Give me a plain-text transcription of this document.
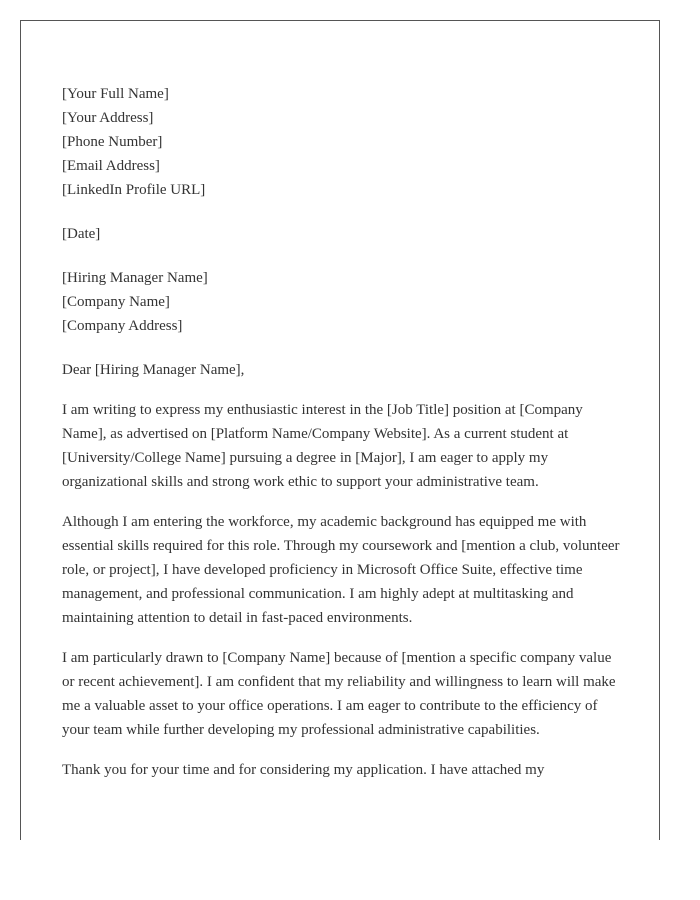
[Your Full Name]
[Your Address]
[Phone Number]
[Email Address]
[LinkedIn Profile URL]
[Date]
[Hiring Manager Name]
[Company Name]
[Company Address]

Dear [Hiring Manager Name],

I am writing to express my enthusiastic interest in the [Job Title] position at [Company Name], as advertised on [Platform Name/Company Website]. As a current student at [University/College Name] pursuing a degree in [Major], I am eager to apply my organizational skills and strong work ethic to support your administrative team.

Although I am entering the workforce, my academic background has equipped me with essential skills required for this role. Through my coursework and [mention a club, volunteer role, or project], I have developed proficiency in Microsoft Office Suite, effective time management, and professional communication. I am highly adept at multitasking and maintaining attention to detail in fast-paced environments.

I am particularly drawn to [Company Name] because of [mention a specific company value or recent achievement]. I am confident that my reliability and willingness to learn will make me a valuable asset to your office operations. I am eager to contribute to the efficiency of your team while further developing my professional administrative capabilities.

Thank you for your time and for considering my application. I have attached my
